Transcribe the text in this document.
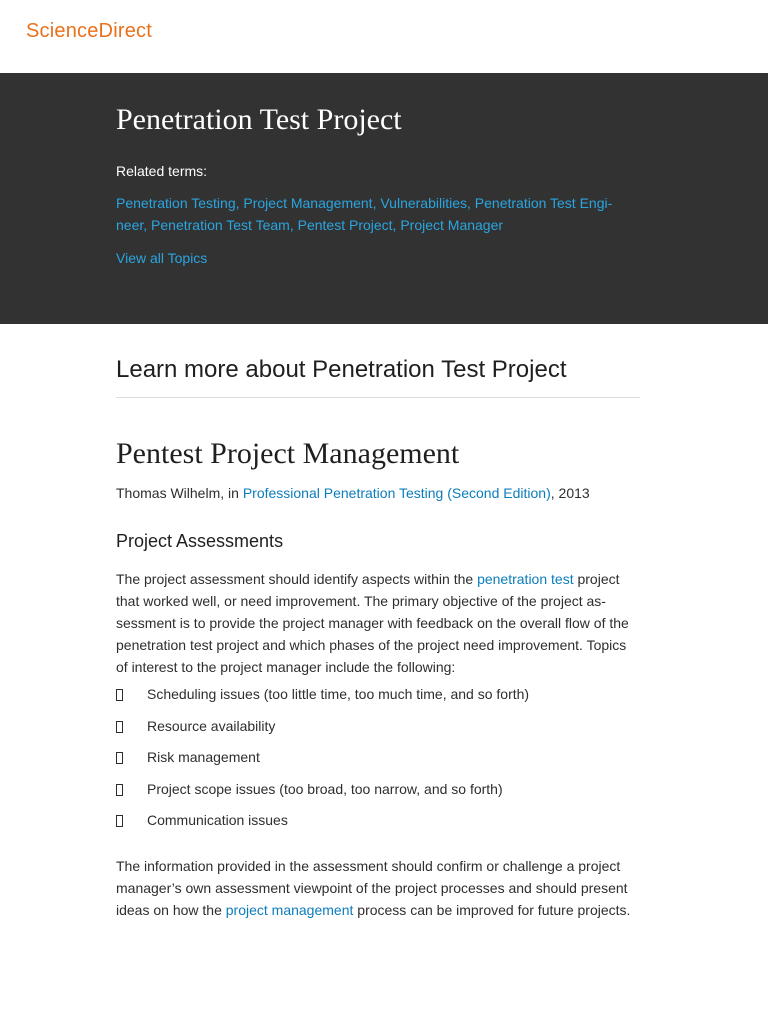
ScienceDirect
Penetration Test Project
Related terms:
Penetration Testing, Project Management, Vulnerabilities, Penetration Test Engi-neer, Penetration Test Team, Pentest Project, Project Manager
View all Topics
Learn more about Penetration Test Project
Pentest Project Management
Thomas Wilhelm, in Professional Penetration Testing (Second Edition), 2013
Project Assessments

The project assessment should identify aspects within the penetration test project that worked well, or need improvement. The primary objective of the project as-sessment is to provide the project manager with feedback on the overall flow of the penetration test project and which phases of the project need improvement. Topics of interest to the project manager include the following:

Scheduling issues (too little time, too much time, and so forth)
Resource availability
Risk management
Project scope issues (too broad, too narrow, and so forth)
Communication issues

The information provided in the assessment should confirm or challenge a project manager’s own assessment viewpoint of the project processes and should present ideas on how the project management process can be improved for future projects.
